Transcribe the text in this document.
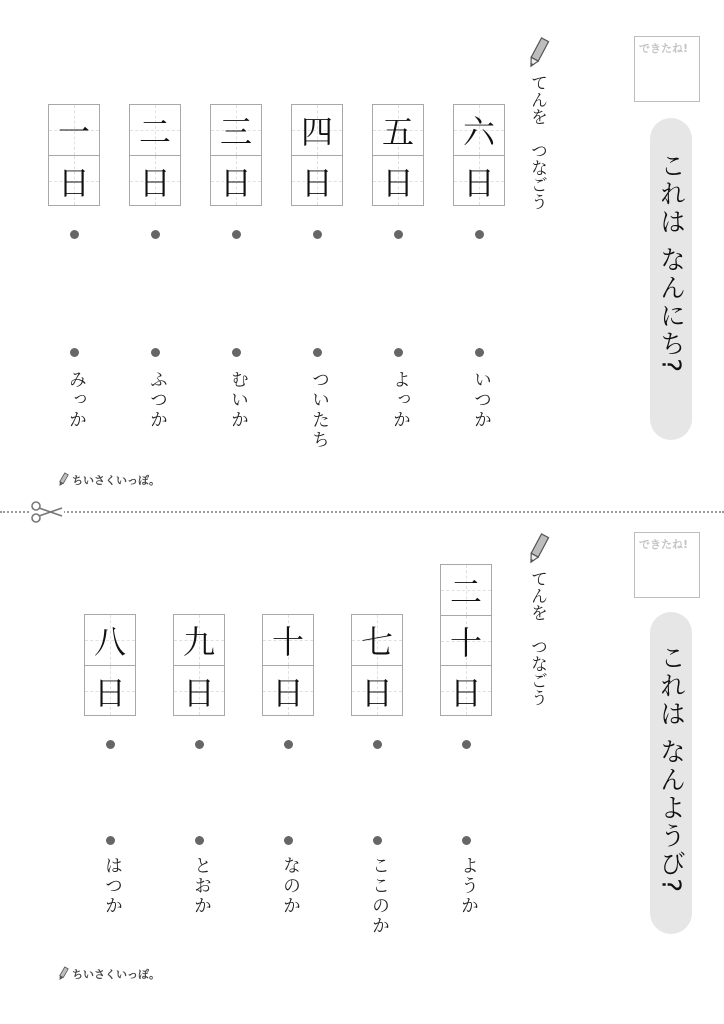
できたね!
これは なんにち?
てんを　つなごう
一
日
二
日
三
日
四
日
五
日
六
日
みっか	ふつか	むいか	ついたち	よっか	いつか
ちいさくいっぽ。
できたね!
これは なんようび?
てんを　つなごう
八
日
九
日
十
日
七
日
二
十
日
はつか	とおか	なのか	ここのか	ようか
ちいさくいっぽ。
